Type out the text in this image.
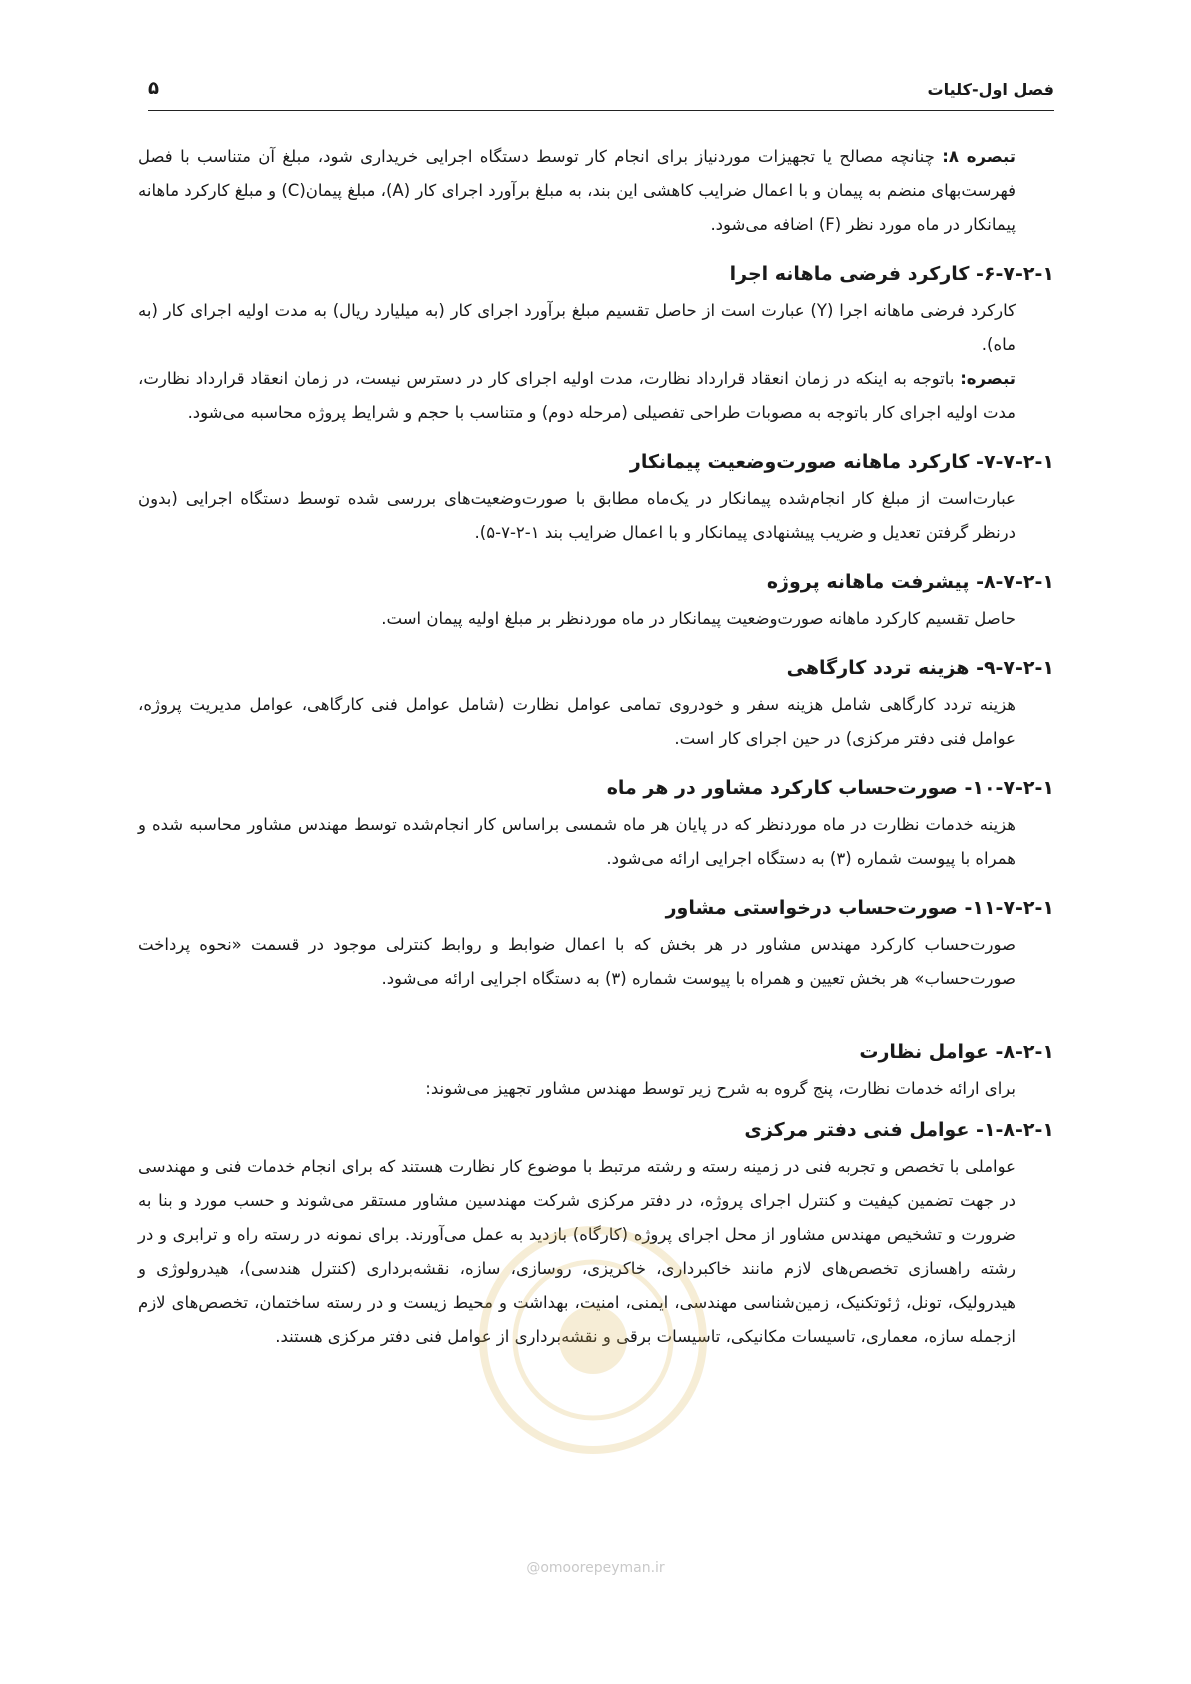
فصل اول-کلیات
۵

تبصره ۸: چنانچه مصالح یا تجهیزات موردنیاز برای انجام کار توسط دستگاه اجرایی خریداری شود، مبلغ آن متناسب با فصل فهرست‌بهای منضم به پیمان و با اعمال ضرایب کاهشی این بند، به مبلغ برآورد اجرای کار (A)، مبلغ پیمان(C) و مبلغ کارکرد ماهانه پیمانکار در ماه مورد نظر (F) اضافه می‌شود.

۶-۷-۲-۱- کارکرد فرضی ماهانه اجرا

کارکرد فرضی ماهانه اجرا (Y) عبارت است از حاصل تقسیم مبلغ برآورد اجرای کار (به میلیارد ریال) به مدت اولیه اجرای کار (به ماه).

تبصره: باتوجه به اینکه در زمان انعقاد قرارداد نظارت، مدت اولیه اجرای کار در دسترس نیست، در زمان انعقاد قرارداد نظارت، مدت اولیه اجرای کار باتوجه به مصوبات طراحی تفصیلی (مرحله دوم) و متناسب با حجم و شرایط پروژه محاسبه می‌شود.

۷-۷-۲-۱- کارکرد ماهانه صورت‌وضعیت پیمانکار

عبارت‌است از مبلغ کار انجام‌شده پیمانکار در یک‌ماه مطابق با صورت‌وضعیت‌های بررسی شده توسط دستگاه اجرایی (بدون درنظر گرفتن تعدیل و ضریب پیشنهادی پیمانکار و با اعمال ضرایب بند ۱-۲-۷-۵).

۸-۷-۲-۱- پیشرفت ماهانه پروژه

حاصل تقسیم کارکرد ماهانه صورت‌وضعیت پیمانکار در ماه موردنظر بر مبلغ اولیه پیمان است.

۹-۷-۲-۱- هزینه تردد کارگاهی

هزینه تردد کارگاهی شامل هزینه سفر و خودروی تمامی عوامل نظارت (شامل عوامل فنی کارگاهی، عوامل مدیریت پروژه، عوامل فنی دفتر مرکزی) در حین اجرای کار است.

۱۰-۷-۲-۱- صورت‌حساب کارکرد مشاور در هر ماه

هزینه خدمات نظارت در ماه موردنظر که در پایان هر ماه شمسی براساس کار انجام‌شده توسط مهندس مشاور محاسبه شده و همراه با پیوست شماره (۳) به دستگاه اجرایی ارائه می‌شود.

۱۱-۷-۲-۱- صورت‌حساب درخواستی مشاور

صورت‌حساب کارکرد مهندس مشاور در هر بخش که با اعمال ضوابط و روابط کنترلی موجود در قسمت «نحوه پرداخت صورت‌حساب» هر بخش تعیین و همراه با پیوست شماره (۳) به دستگاه اجرایی ارائه می‌شود.

۸-۲-۱- عوامل نظارت

برای ارائه خدمات نظارت، پنج گروه به شرح زیر توسط مهندس مشاور تجهیز می‌شوند:

۱-۸-۲-۱- عوامل فنی دفتر مرکزی

عواملی با تخصص و تجربه فنی در زمینه رسته و رشته مرتبط با موضوع کار نظارت هستند که برای انجام خدمات فنی و مهندسی در جهت تضمین کیفیت و کنترل اجرای پروژه، در دفتر مرکزی شرکت مهندسین مشاور مستقر می‌شوند و حسب مورد و بنا به ضرورت و تشخیص مهندس مشاور از محل اجرای پروژه (کارگاه) بازدید به عمل می‌آورند. برای نمونه در رسته راه و ترابری و در رشته راهسازی تخصص‌های لازم مانند خاکبرداری، خاکریزی، روسازی، سازه، نقشه‌برداری (کنترل هندسی)، هیدرولوژی و هیدرولیک، تونل، ژئوتکنیک، زمین‌شناسی مهندسی، ایمنی، امنیت، بهداشت و محیط زیست و در رسته ساختمان، تخصص‌های لازم ازجمله سازه، معماری، تاسیسات مکانیکی، تاسیسات برقی و نقشه‌برداری از عوامل فنی دفتر مرکزی هستند.

@omoorepeyman.ir
